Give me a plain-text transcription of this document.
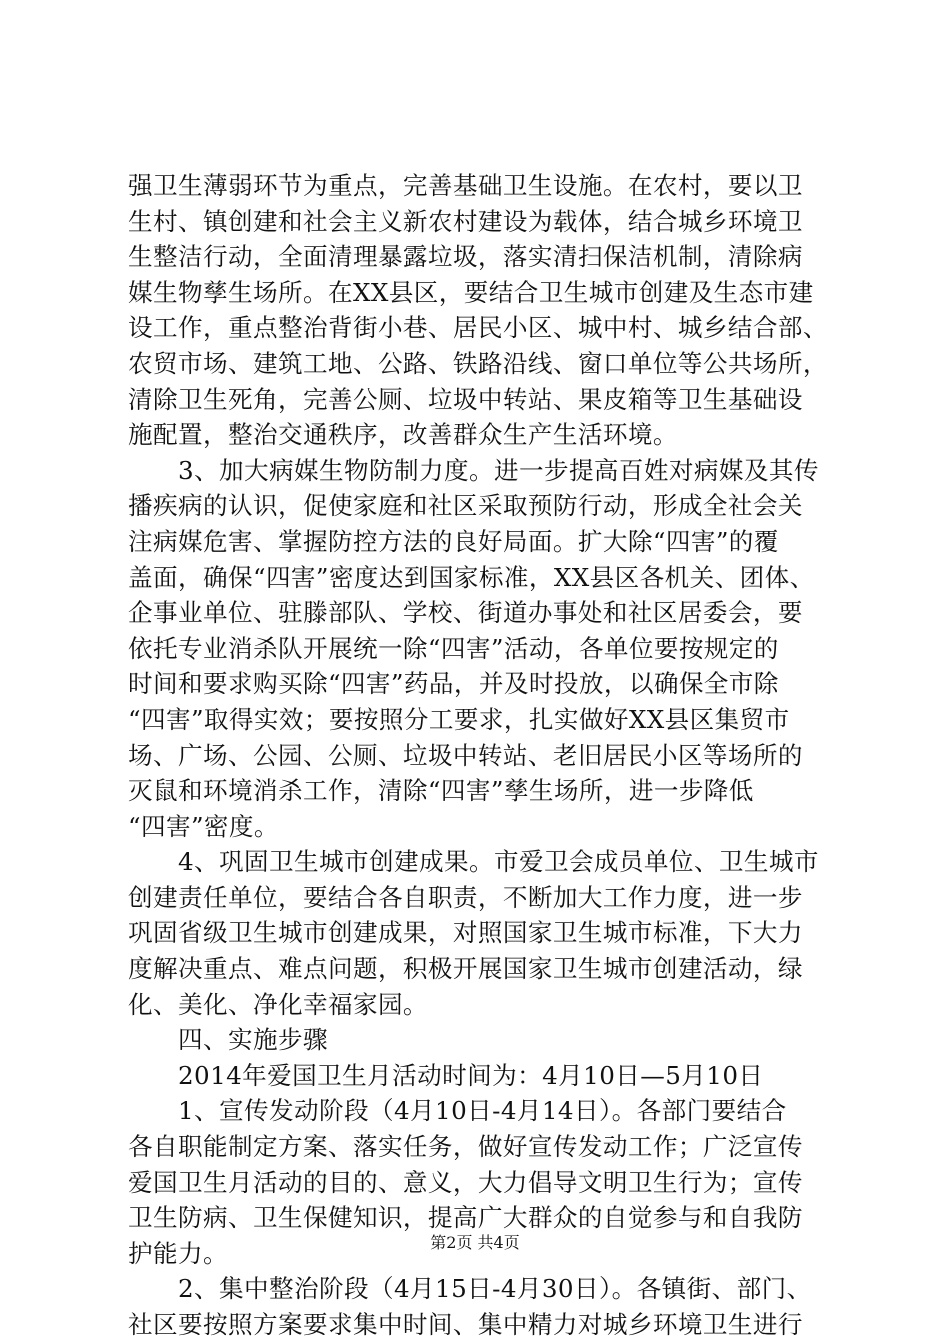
强卫生薄弱环节为重点，完善基础卫生设施。在农村，要以卫
生村、镇创建和社会主义新农村建设为载体，结合城乡环境卫
生整洁行动，全面清理暴露垃圾，落实清扫保洁机制，清除病
媒生物孳生场所。在XX县区，要结合卫生城市创建及生态市建
设工作，重点整治背街小巷、居民小区、城中村、城乡结合部、
农贸市场、建筑工地、公路、铁路沿线、窗口单位等公共场所，
清除卫生死角，完善公厕、垃圾中转站、果皮箱等卫生基础设
施配置，整治交通秩序，改善群众生产生活环境。
　　3、加大病媒生物防制力度。进一步提高百姓对病媒及其传
播疾病的认识，促使家庭和社区采取预防行动，形成全社会关
注病媒危害、掌握防控方法的良好局面。扩大除“四害”的覆
盖面，确保“四害”密度达到国家标准，XX县区各机关、团体、
企事业单位、驻滕部队、学校、街道办事处和社区居委会，要
依托专业消杀队开展统一除“四害”活动，各单位要按规定的
时间和要求购买除“四害”药品，并及时投放，以确保全市除
“四害”取得实效；要按照分工要求，扎实做好XX县区集贸市
场、广场、公园、公厕、垃圾中转站、老旧居民小区等场所的
灭鼠和环境消杀工作，清除“四害”孳生场所，进一步降低
“四害”密度。
　　4、巩固卫生城市创建成果。市爱卫会成员单位、卫生城市
创建责任单位，要结合各自职责，不断加大工作力度，进一步
巩固省级卫生城市创建成果，对照国家卫生城市标准，下大力
度解决重点、难点问题，积极开展国家卫生城市创建活动，绿
化、美化、净化幸福家园。
　　四、实施步骤
　　2014年爱国卫生月活动时间为：4月10日—5月10日
　　1、宣传发动阶段（4月10日-4月14日）。各部门要结合
各自职能制定方案、落实任务，做好宣传发动工作；广泛宣传
爱国卫生月活动的目的、意义，大力倡导文明卫生行为；宣传
卫生防病、卫生保健知识，提高广大群众的自觉参与和自我防
护能力。
　　2、集中整治阶段（4月15日-4月30日）。各镇街、部门、
社区要按照方案要求集中时间、集中精力对城乡环境卫生进行
第2页 共4页
